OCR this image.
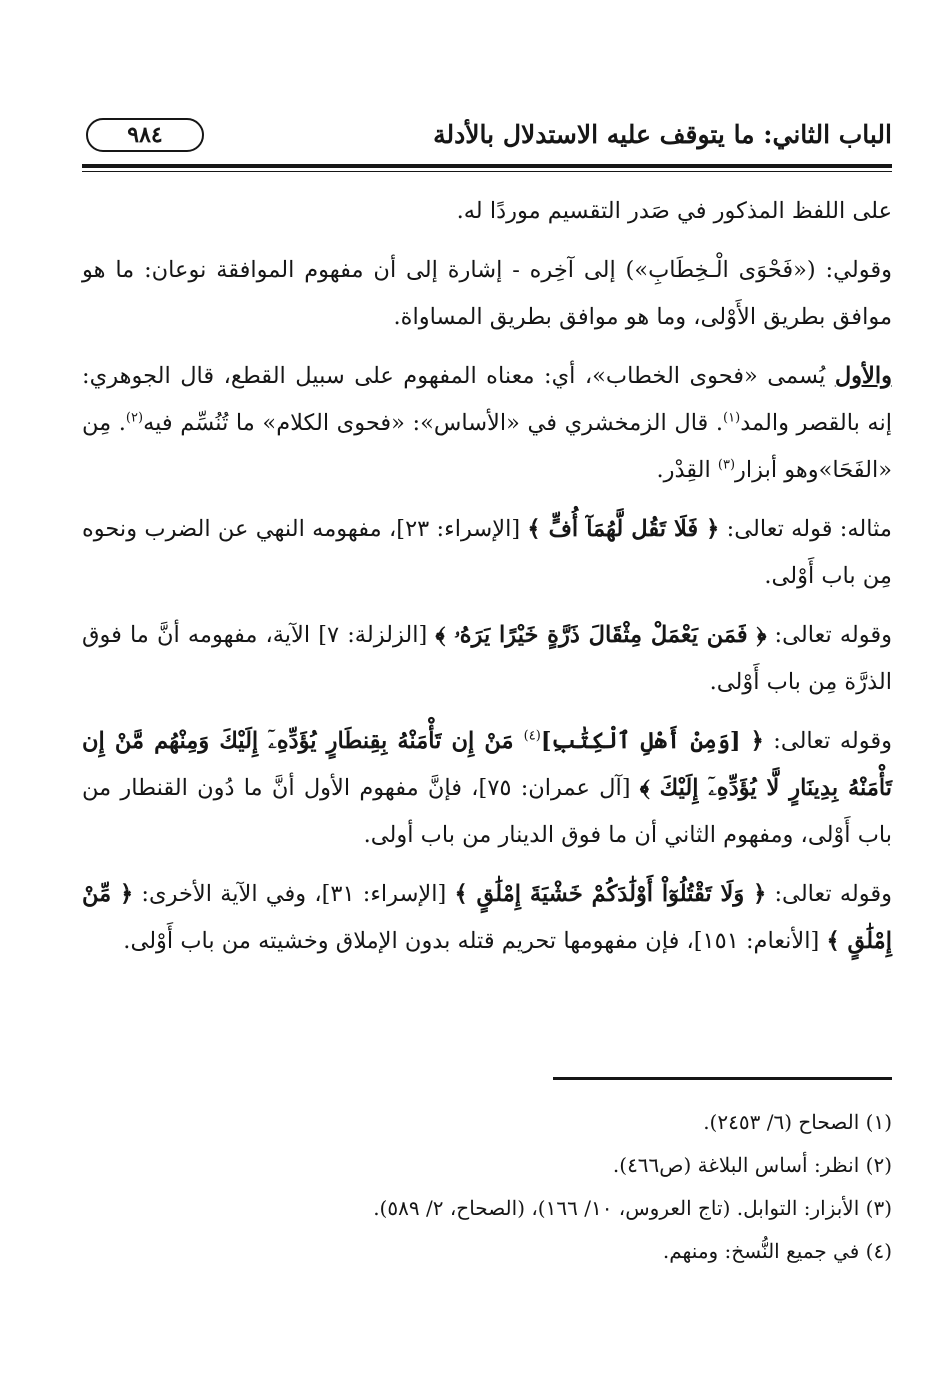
الباب الثاني: ما يتوقف عليه الاستدلال بالأدلة
٩٨٤

على اللفظ المذكور في صَدر التقسيم موردًا له.

وقولي: («فَحْوَى الْـخِطَابِ») إلى آخِره - إشارة إلى أن مفهوم الموافقة نوعان: ما هو موافق بطريق الأَوْلى، وما هو موافق بطريق المساواة.

والأول يُسمى «فحوى الخطاب»، أي: معناه المفهوم على سبيل القطع، قال الجوهري: إنه بالقصر والمد$^{(١)}$. قال الزمخشري في «الأساس»: «فحوى الكلام» ما تُنُسِّم فيه$^{(٢)}$. مِن «الفَحَا»وهو أبزار$^{(٣)}$ القِدْر.

مثاله: قوله تعالى: ﴿ فَلَا تَقُل لَّهُمَآ أُفٍّ ﴾ [الإسراء: ٢٣]، مفهومه النهي عن الضرب ونحوه مِن باب أَوْلى.

وقوله تعالى: ﴿ فَمَن يَعْمَلْ مِثْقَالَ ذَرَّةٍ خَيْرًا يَرَهُۥ ﴾ [الزلزلة: ٧] الآية، مفهومه أنَّ ما فوق الذرَّة مِن باب أَوْلى.

وقوله تعالى: ﴿ [وَمِنْ أَهْلِ ٱلْكِتَٰبِ]$^{(٤)}$ مَنْ إِن تَأْمَنْهُ بِقِنطَارٍ يُؤَدِّهِۦٓ إِلَيْكَ وَمِنْهُم مَّنْ إِن تَأْمَنْهُ بِدِينَارٍ لَّا يُؤَدِّهِۦٓ إِلَيْكَ ﴾ [آل عمران: ٧٥]، فإنَّ مفهوم الأول أنَّ ما دُون القنطار من باب أَوْلى، ومفهوم الثاني أن ما فوق الدينار من باب أولى.

وقوله تعالى: ﴿ وَلَا تَقْتُلُوٓاْ أَوْلَٰدَكُمْ خَشْيَةَ إِمْلَٰقٍ ﴾ [الإسراء: ٣١]، وفي الآية الأخرى: ﴿ مِّنْ إِمْلَٰقٍ ﴾ [الأنعام: ١٥١]، فإن مفهومها تحريم قتله بدون الإملاق وخشيته من باب أَوْلى.

(١) الصحاح (٦/ ٢٤٥٣).

(٢) انظر: أساس البلاغة (ص٤٦٦).

(٣) الأبزار: التوابل. (تاج العروس، ١٠/ ١٦٦)، (الصحاح، ٢/ ٥٨٩).

(٤) في جميع النُّسخ: ومنهم.
